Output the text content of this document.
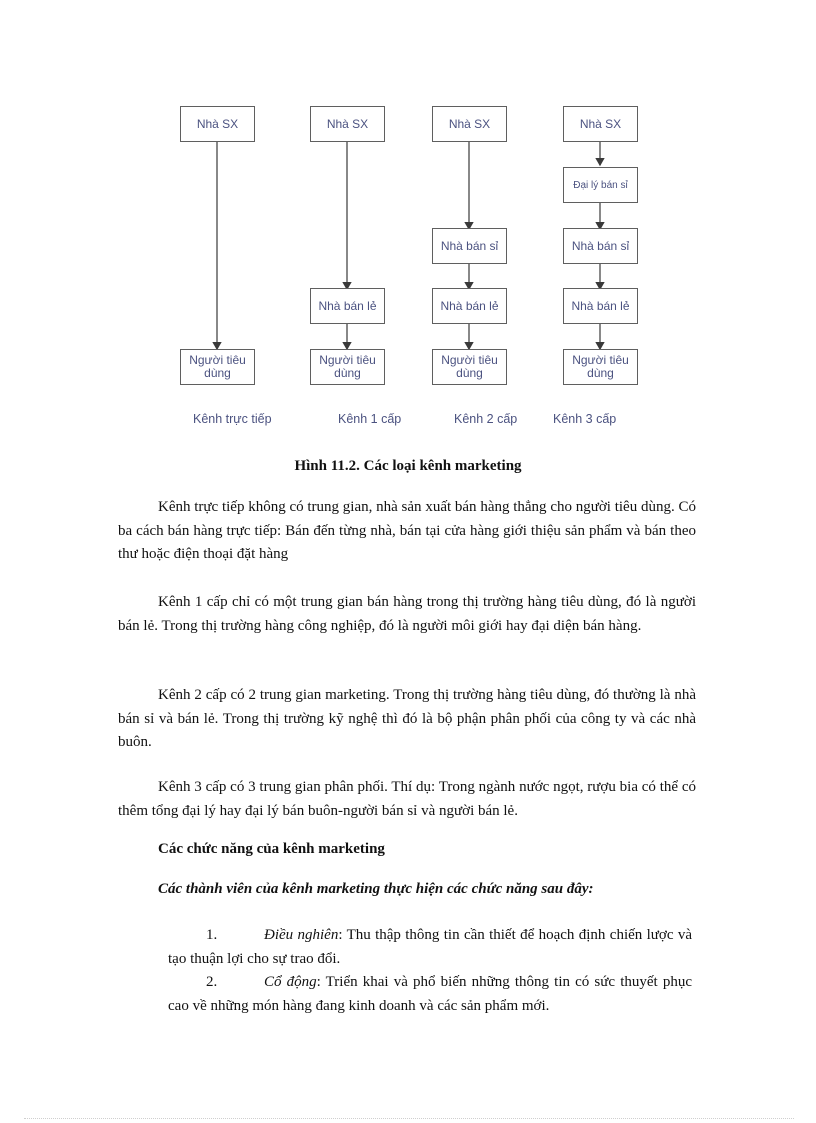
Nhà SX
Người tiêu dùng
Kênh trực tiếp
Nhà SX
Nhà bán lẻ
Người tiêu dùng
Kênh 1 cấp
Nhà SX
Nhà bán sỉ
Nhà bán lẻ
Người tiêu dùng
Kênh 2 cấp
Nhà SX
Đại lý bán sỉ
Nhà bán sỉ
Nhà bán lẻ
Người tiêu dùng
Kênh 3 cấp
Hình 11.2. Các loại kênh marketing

Kênh trực tiếp không có trung gian, nhà sản xuất bán hàng thẳng cho người tiêu dùng. Có ba cách bán hàng trực tiếp: Bán đến từng nhà, bán tại cửa hàng giới thiệu sản phẩm và bán theo thư hoặc điện thoại đặt hàng

Kênh 1 cấp chỉ có một trung gian bán hàng trong thị trường hàng tiêu dùng, đó là người bán lẻ. Trong thị trường hàng công nghiệp, đó là người môi giới hay đại diện bán hàng.

Kênh 2 cấp có 2 trung gian marketing. Trong thị trường hàng tiêu dùng, đó thường là nhà bán sỉ và bán lẻ. Trong thị trường kỹ nghệ thì đó là bộ phận phân phối của công ty và các nhà buôn.

Kênh 3 cấp có 3 trung gian phân phối. Thí dụ: Trong ngành nước ngọt, rượu bia có thể có thêm tổng đại lý hay đại lý bán buôn-người bán sỉ và người bán lẻ.

Các chức năng của kênh marketing
Các thành viên của kênh marketing thực hiện các chức năng sau đây:

1.	Điều nghiên: Thu thập thông tin cần thiết để hoạch định chiến lược và tạo thuận lợi cho sự trao đổi.

2.	Cổ động: Triển khai và phổ biến những thông tin có sức thuyết phục cao về những món hàng đang kinh doanh và các sản phẩm mới.
